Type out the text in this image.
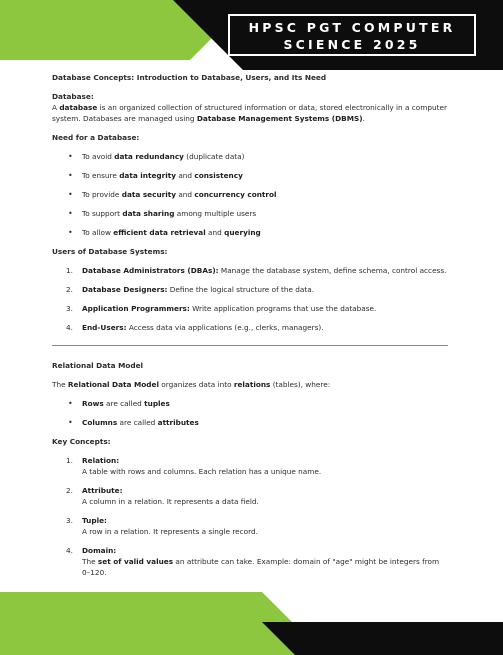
HPSC PGT COMPUTER
SCIENCE 2025

Database Concepts: Introduction to Database, Users, and Its Need

Database:

A database is an organized collection of structured information or data, stored electronically in a computer system. Databases are managed using Database Management Systems (DBMS).

Need for a Database:

• To avoid data redundancy (duplicate data)
• To ensure data integrity and consistency
• To provide data security and concurrency control
• To support data sharing among multiple users
• To allow efficient data retrieval and querying

Users of Database Systems:

1. Database Administrators (DBAs): Manage the database system, define schema, control access.
2. Database Designers: Define the logical structure of the data.
3. Application Programmers: Write application programs that use the database.
4. End-Users: Access data via applications (e.g., clerks, managers).

Relational Data Model

The Relational Data Model organizes data into relations (tables), where:

• Rows are called tuples
• Columns are called attributes

Key Concepts:

1. Relation:
A table with rows and columns. Each relation has a unique name.
2. Attribute:
A column in a relation. It represents a data field.
3. Tuple:
A row in a relation. It represents a single record.
4. Domain:
The set of valid values an attribute can take. Example: domain of "age" might be integers from 0–120.
